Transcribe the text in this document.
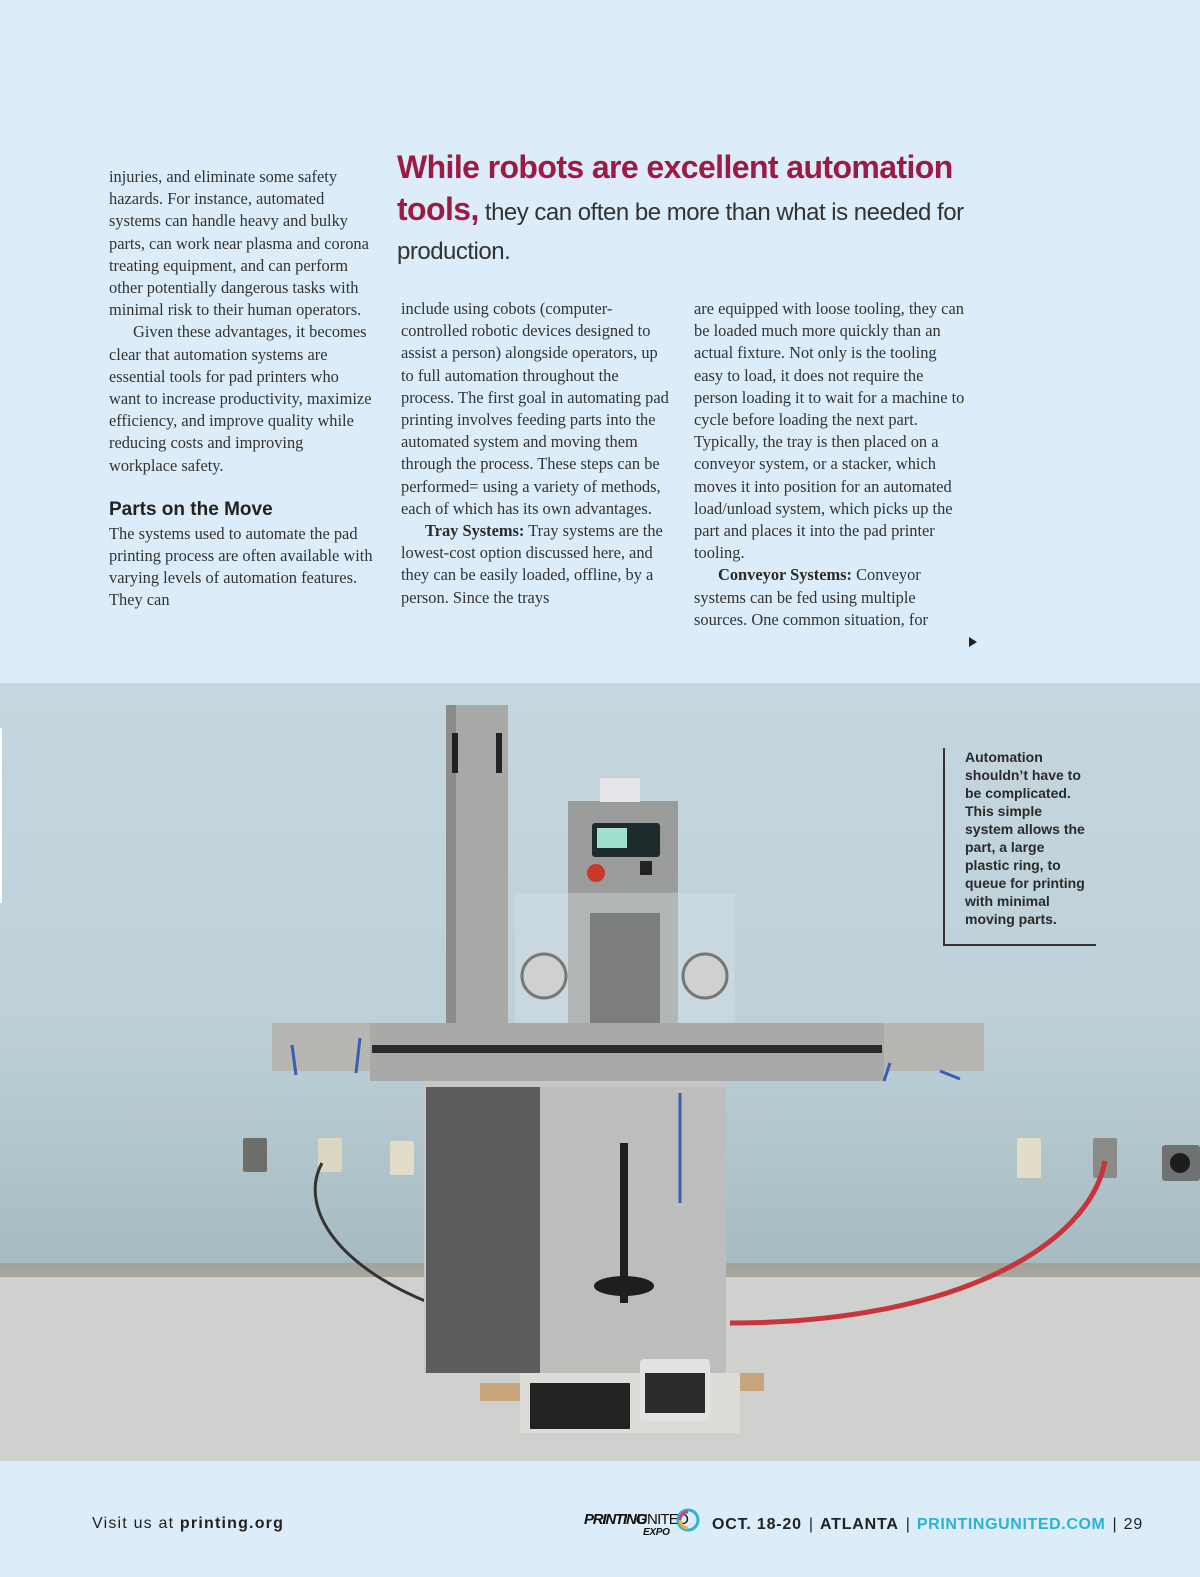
injuries, and eliminate some safety hazards. For instance, automated systems can handle heavy and bulky parts, can work near plasma and corona treating equipment, and can perform other potentially dangerous tasks with minimal risk to their human operators.

Given these advantages, it becomes clear that automation systems are essential tools for pad printers who want to increase productivity, maximize efficiency, and improve quality while reducing costs and improving workplace safety.

Parts on the Move

The systems used to automate the pad printing process are often available with varying levels of automation features. They can

While robots are excellent automation tools, they can often be more than what is needed for production.

include using cobots (computer-controlled robotic devices designed to assist a person) alongside operators, up to full automation throughout the process. The first goal in automating pad printing involves feeding parts into the automated system and moving them through the process. These steps can be performed= using a variety of methods, each of which has its own advantages.

Tray Systems: Tray systems are the lowest-cost option discussed here, and they can be easily loaded, offline, by a person. Since the trays

are equipped with loose tooling, they can be loaded much more quickly than an actual fixture. Not only is the tooling easy to load, it does not require the person loading it to wait for a machine to cycle before loading the next part. Typically, the tray is then placed on a conveyor system, or a stacker, which moves it into position for an automated load/unload system, which picks up the part and places it into the pad printer tooling.

Conveyor Systems: Conveyor systems can be fed using multiple sources. One common situation, for

Automation shouldn’t have to be complicated. This simple system allows the part, a large plastic ring, to queue for printing with minimal moving parts.
Visit us at printing.org	PRINTING
UNITED
EXPO	OCT. 18-20 | ATLANTA | PRINTINGUNITED.COM | 29
